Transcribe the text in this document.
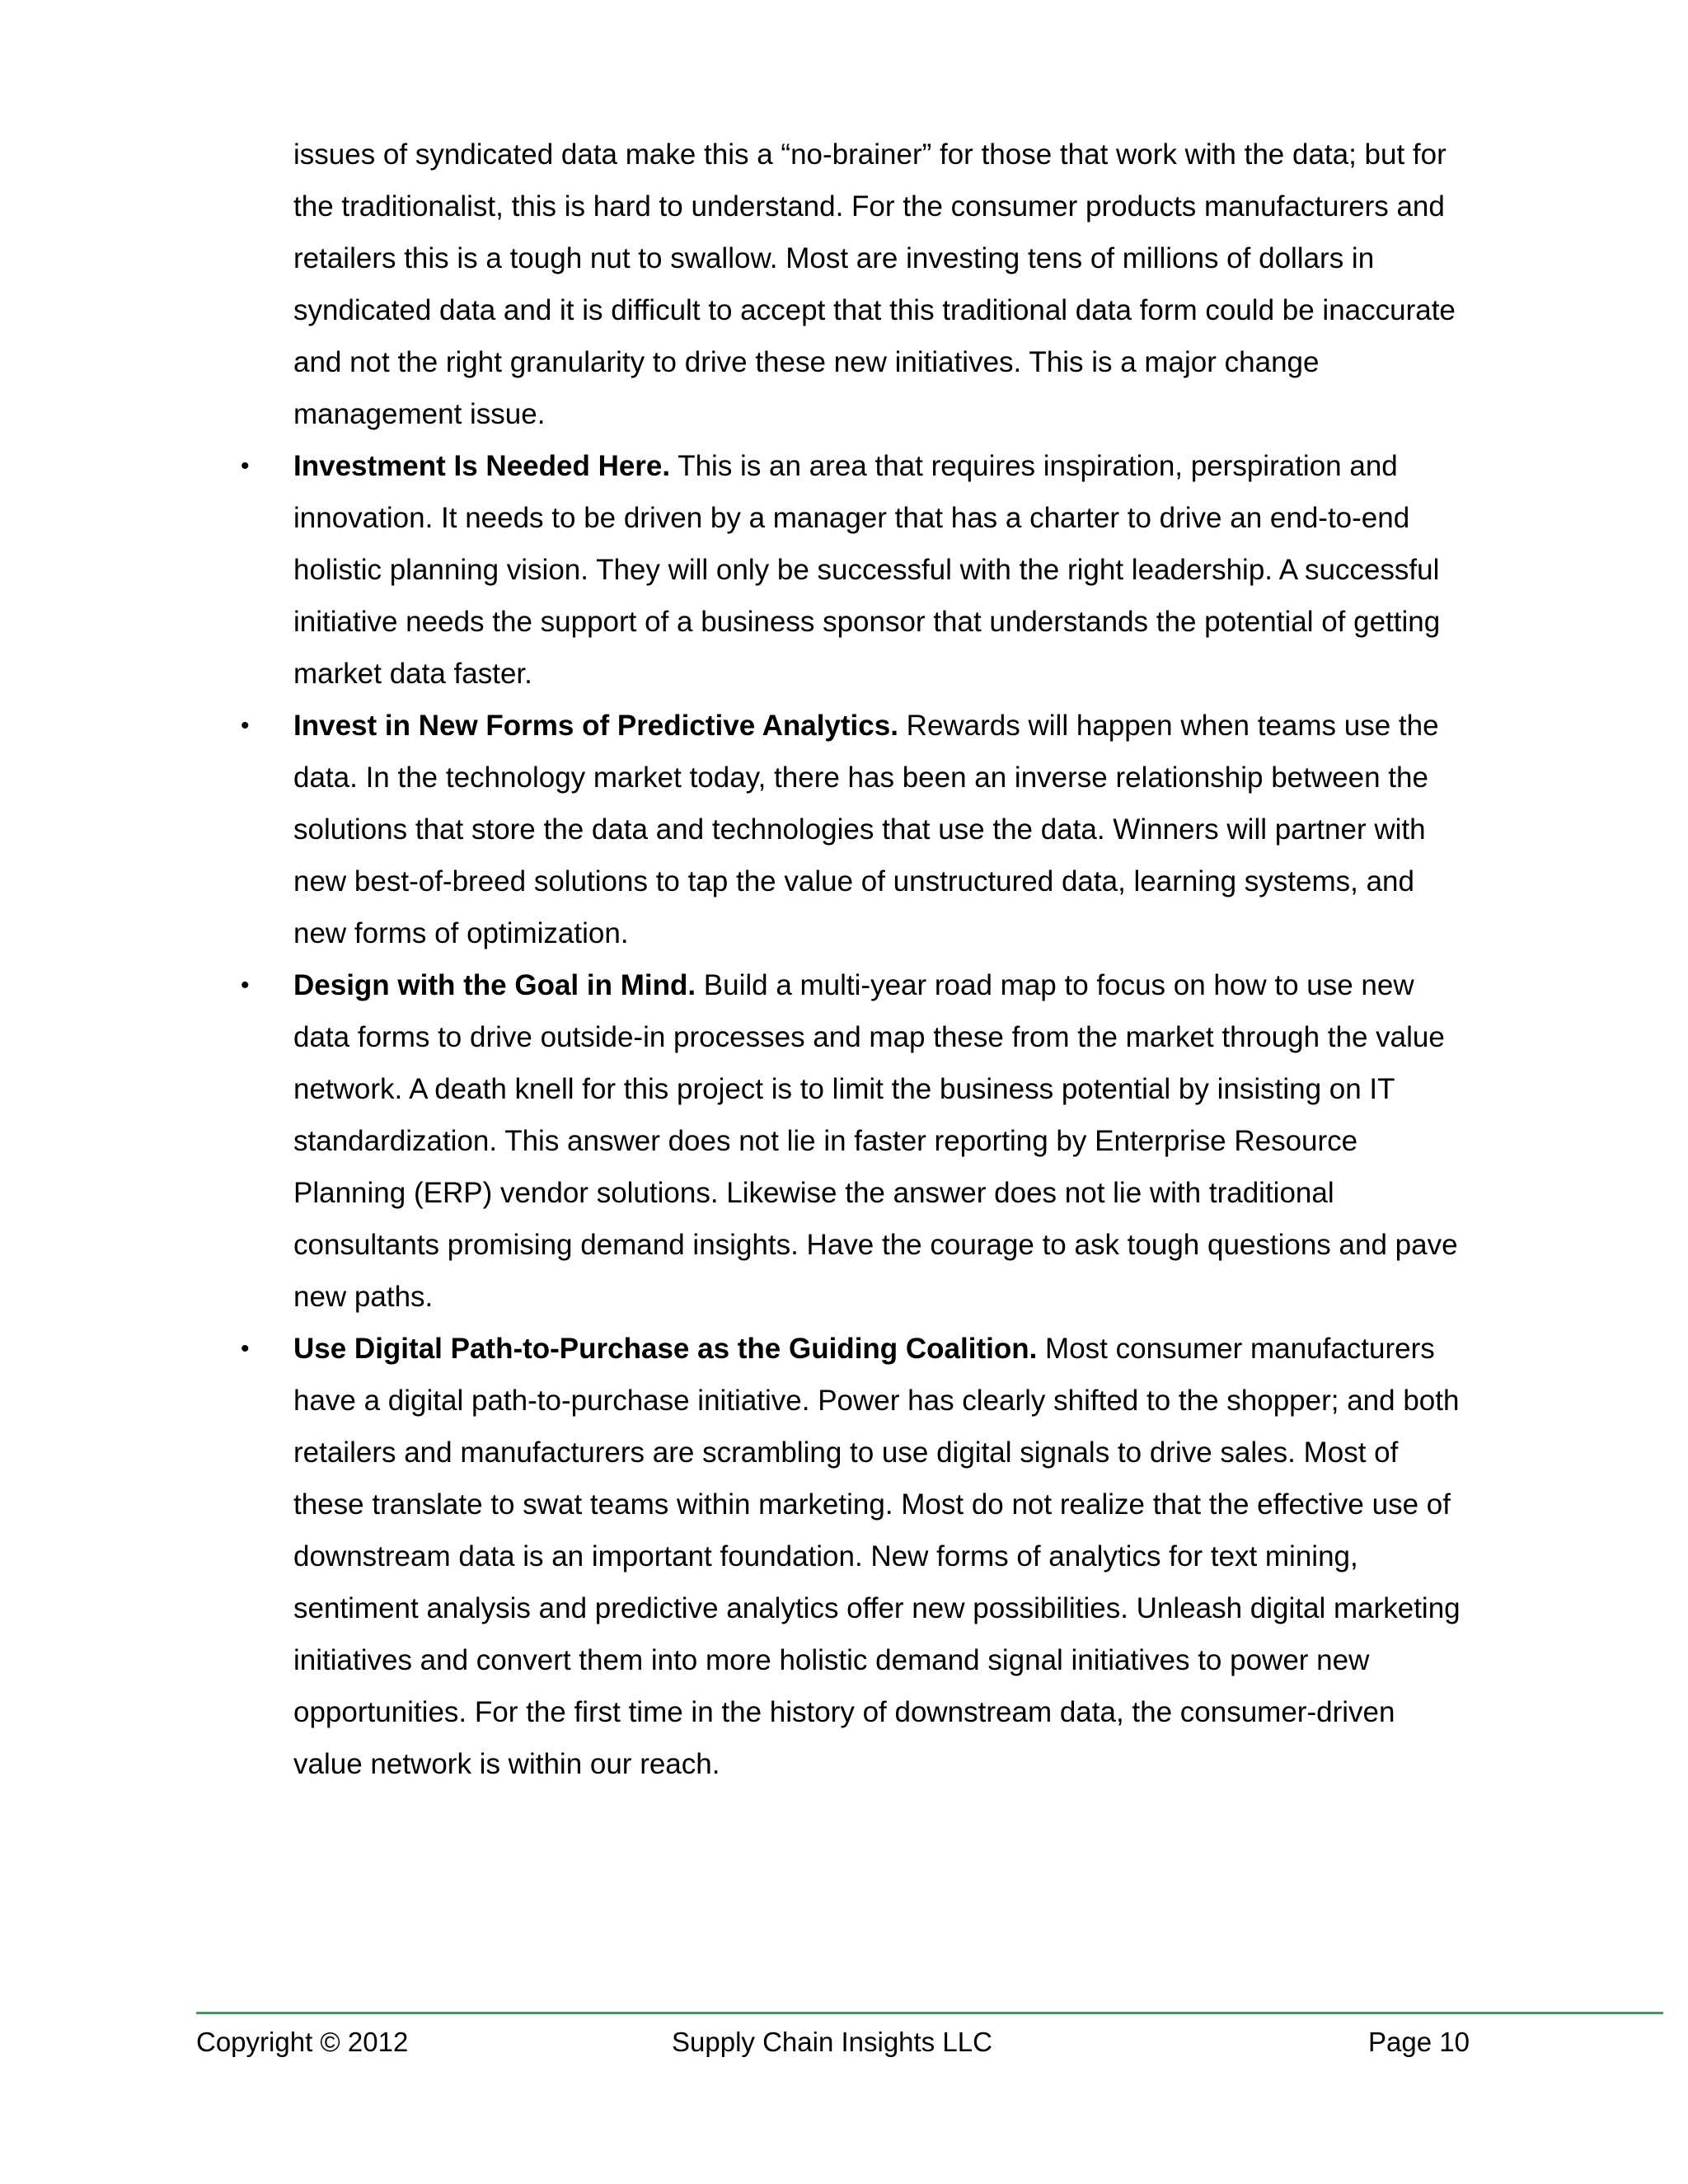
issues of syndicated data make this a “no-brainer” for those that work with the data; but for the traditionalist, this is hard to understand. For the consumer products manufacturers and retailers this is a tough nut to swallow. Most are investing tens of millions of dollars in syndicated data and it is difficult to accept that this traditional data form could be inaccurate and not the right granularity to drive these new initiatives. This is a major change management issue.

• Investment Is Needed Here. This is an area that requires inspiration, perspiration and innovation. It needs to be driven by a manager that has a charter to drive an end-to-end holistic planning vision. They will only be successful with the right leadership. A successful initiative needs the support of a business sponsor that understands the potential of getting market data faster.
• Invest in New Forms of Predictive Analytics. Rewards will happen when teams use the data. In the technology market today, there has been an inverse relationship between the solutions that store the data and technologies that use the data. Winners will partner with new best-of-breed solutions to tap the value of unstructured data, learning systems, and new forms of optimization.
• Design with the Goal in Mind. Build a multi-year road map to focus on how to use new data forms to drive outside-in processes and map these from the market through the value network. A death knell for this project is to limit the business potential by insisting on IT standardization. This answer does not lie in faster reporting by Enterprise Resource Planning (ERP) vendor solutions. Likewise the answer does not lie with traditional consultants promising demand insights. Have the courage to ask tough questions and pave new paths.
• Use Digital Path-to-Purchase as the Guiding Coalition. Most consumer manufacturers have a digital path-to-purchase initiative. Power has clearly shifted to the shopper; and both retailers and manufacturers are scrambling to use digital signals to drive sales. Most of these translate to swat teams within marketing. Most do not realize that the effective use of downstream data is an important foundation. New forms of analytics for text mining, sentiment analysis and predictive analytics offer new possibilities. Unleash digital marketing initiatives and convert them into more holistic demand signal initiatives to power new opportunities. For the first time in the history of downstream data, the consumer-driven value network is within our reach.
Copyright © 2012	Supply Chain Insights LLC	Page 10
